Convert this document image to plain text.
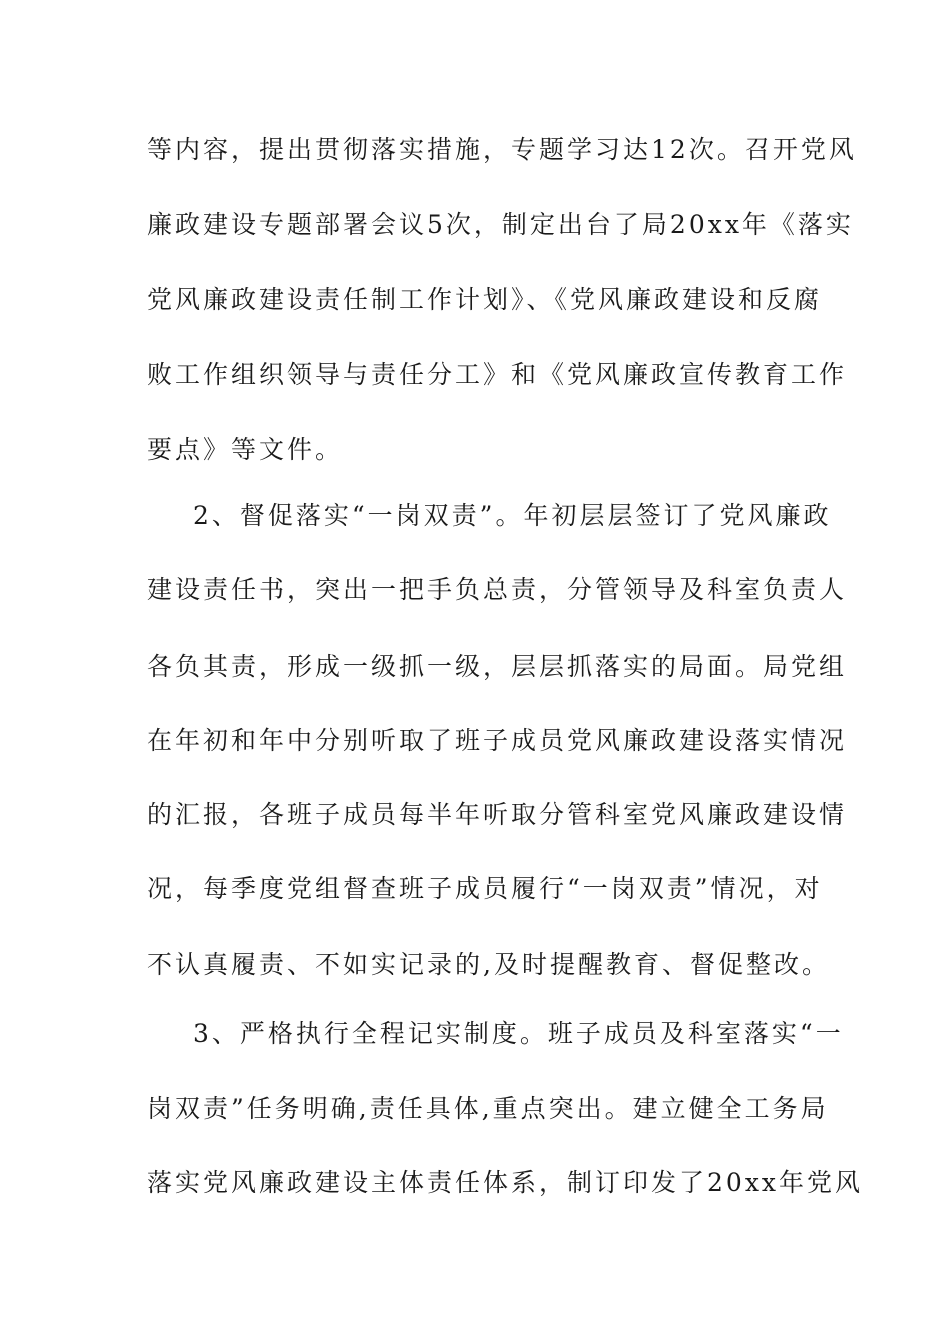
等内容，提出贯彻落实措施，专题学习达12次。召开党风
廉政建设专题部署会议5次，制定出台了局20xx年《落实
党风廉政建设责任制工作计划》、《党风廉政建设和反腐
败工作组织领导与责任分工》和《党风廉政宣传教育工作
要点》等文件。
2、督促落实“一岗双责”。年初层层签订了党风廉政
建设责任书，突出一把手负总责，分管领导及科室负责人
各负其责，形成一级抓一级，层层抓落实的局面。局党组
在年初和年中分别听取了班子成员党风廉政建设落实情况
的汇报，各班子成员每半年听取分管科室党风廉政建设情
况，每季度党组督查班子成员履行“一岗双责”情况，对
不认真履责、不如实记录的,及时提醒教育、督促整改。
3、严格执行全程记实制度。班子成员及科室落实“一
岗双责”任务明确,责任具体,重点突出。建立健全工务局
落实党风廉政建设主体责任体系，制订印发了20xx年党风
